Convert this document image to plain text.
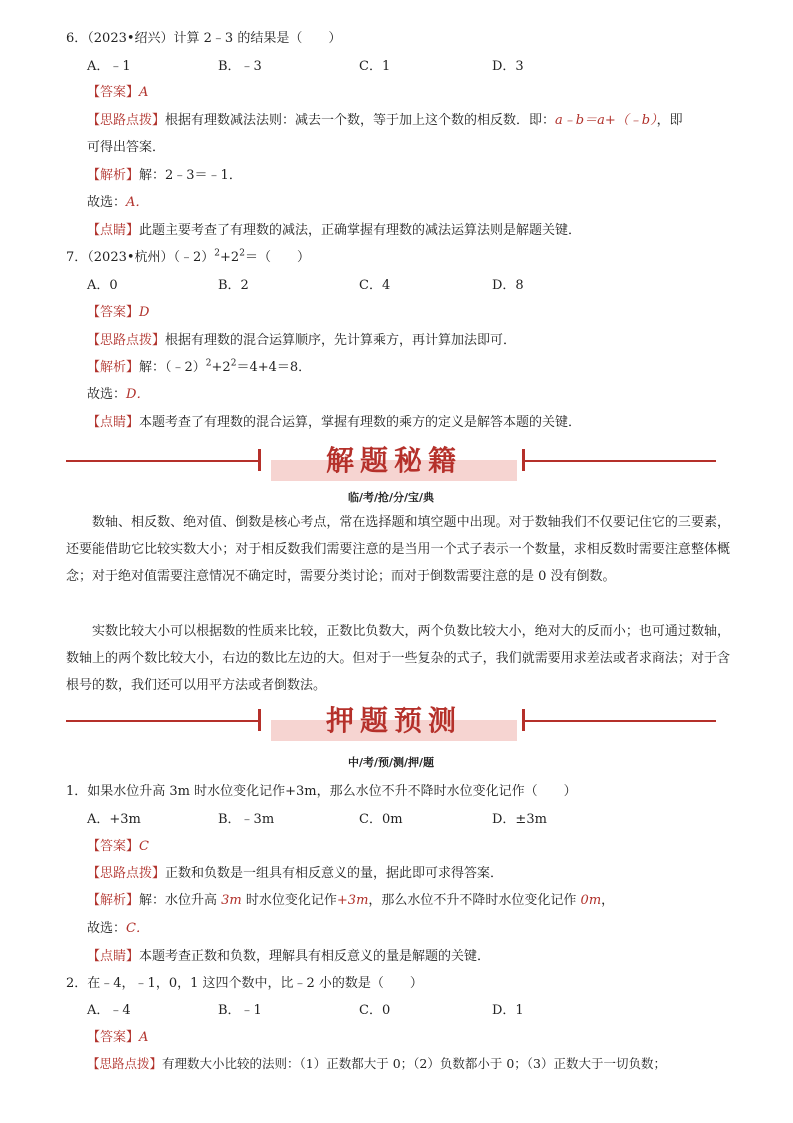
6．（2023•绍兴）计算 2﹣3 的结果是（　　）
A．﹣1	B．﹣3	C．1	D．3
【答案】A
【思路点拨】根据有理数减法法则：减去一个数，等于加上这个数的相反数．即：a﹣b＝a+（﹣b），即
可得出答案．
【解析】解：2﹣3＝﹣1．
故选：A．
【点睛】此题主要考查了有理数的减法，正确掌握有理数的减法运算法则是解题关键．
7．（2023•杭州）$(﹣2)^2+2^2=$（　　）
A．0	B．2	C．4	D．8
【答案】D
【思路点拨】根据有理数的混合运算顺序，先计算乘方，再计算加法即可．
【解析】解：$(﹣2)^2+2^2=4+4=8$．
故选：D．
【点睛】本题考查了有理数的混合运算，掌握有理数的乘方的定义是解答本题的关键．
解题秘籍
临/考/抢/分/宝/典
数轴、相反数、绝对值、倒数是核心考点，常在选择题和填空题中出现。对于数轴我们不仅要记住它的三要素，还要能借助它比较实数大小；对于相反数我们需要注意的是当用一个式子表示一个数量，求相反数时需要注意整体概念；对于绝对值需要注意情况不确定时，需要分类讨论；而对于倒数需要注意的是 0 没有倒数。
实数比较大小可以根据数的性质来比较，正数比负数大，两个负数比较大小，绝对大的反而小；也可通过数轴，数轴上的两个数比较大小，右边的数比左边的大。但对于一些复杂的式子，我们就需要用求差法或者求商法；对于含根号的数，我们还可以用平方法或者倒数法。
押题预测
中/考/预/测/押/题
1．如果水位升高 3m 时水位变化记作+3m，那么水位不升不降时水位变化记作（　　）
A．+3m	B．﹣3m	C．0m	D．±3m
【答案】C
【思路点拨】正数和负数是一组具有相反意义的量，据此即可求得答案．
【解析】解：水位升高 3m 时水位变化记作+3m，那么水位不升不降时水位变化记作 0m，
故选：C．
【点睛】本题考查正数和负数，理解具有相反意义的量是解题的关键．
2．在﹣4，﹣1，0，1 这四个数中，比﹣2 小的数是（　　）
A．﹣4	B．﹣1	C．0	D．1
【答案】A
【思路点拨】有理数大小比较的法则：（1）正数都大于 0；（2）负数都小于 0；（3）正数大于一切负数；
